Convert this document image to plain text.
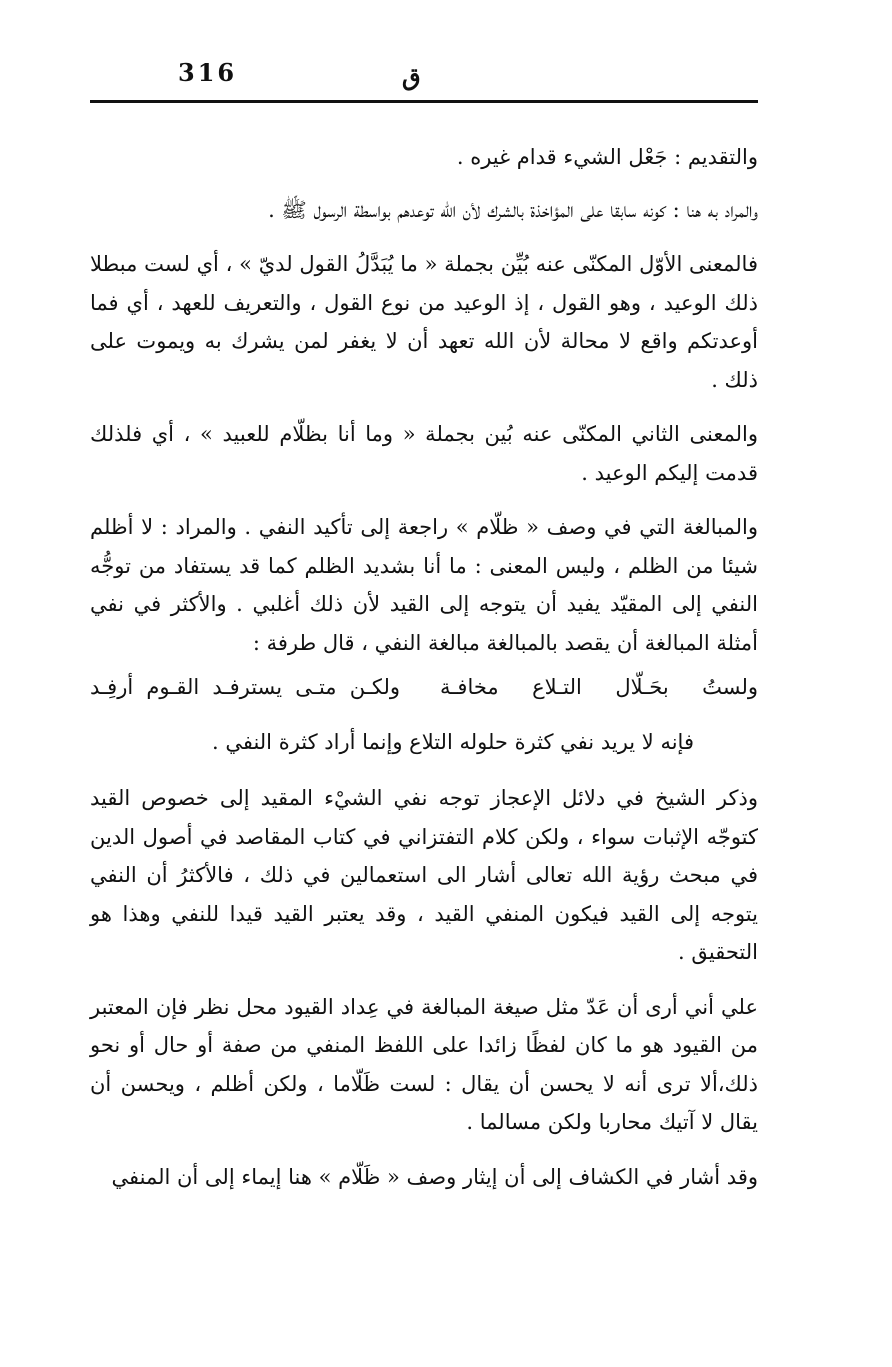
316	ق

والتقديم : جَعْل الشيء قدام غيره .

والمراد به هنا : كونه سابقا على المؤاخذة بالشرك لأن الله توعدهم بواسطة الرسول ﷺ .

فالمعنى الأوّل المكنّى عنه بُيِّن بجملة « ما يُبَدَّلُ القول لديّ » ، أي لست مبطلا ذلك الوعيد ، وهو القول ، إذ الوعيد من نوع القول ، والتعريف للعهد ، أي فما أوعدتكم واقع لا محالة لأن الله تعهد أن لا يغفر لمن يشرك به ويموت على ذلك .

والمعنى الثاني المكنّى عنه بُين بجملة « وما أنا بظلّام للعبيد » ، أي فلذلك قدمت إليكم الوعيد .

والمبالغة التي في وصف « ظلّام » راجعة إلى تأكيد النفي . والمراد : لا أظلم شيئا من الظلم ، وليس المعنى : ما أنا بشديد الظلم كما قد يستفاد من توجُّه النفي إلى المقيّد يفيد أن يتوجه إلى القيد لأن ذلك أغلبي . والأكثر في نفي أمثلة المبالغة أن يقصد بالمبالغة مبالغة النفي ، قال طرفة :

ولستُ بحَـلّال التـلاع مخافـة
ولكـن متـى يسترفـد القـوم أرفِـد

فإنه لا يريد نفي كثرة حلوله التلاع وإنما أراد كثرة النفي .

وذكر الشيخ في دلائل الإعجاز توجه نفي الشيْء المقيد إلى خصوص القيد كتوجّه الإثبات سواء ، ولكن كلام التفتزاني في كتاب المقاصد في أصول الدين في مبحث رؤية الله تعالى أشار الى استعمالين في ذلك ، فالأكثرُ أن النفي يتوجه إلى القيد فيكون المنفي القيد ، وقد يعتبر القيد قيدا للنفي وهذا هو التحقيق .

علي أني أرى أن عَدّ مثل صيغة المبالغة في عِداد القيود محل نظر فإن المعتبر من القيود هو ما كان لفظًا زائدا على اللفظ المنفي من صفة أو حال أو نحو ذلك،ألا ترى أنه لا يحسن أن يقال : لست ظَلّاما ، ولكن أظلم ، ويحسن أن يقال لا آتيك محاربا ولكن مسالما .

وقد أشار في الكشاف إلى أن إيثار وصف « ظَلّام » هنا إيماء إلى أن المنفي
